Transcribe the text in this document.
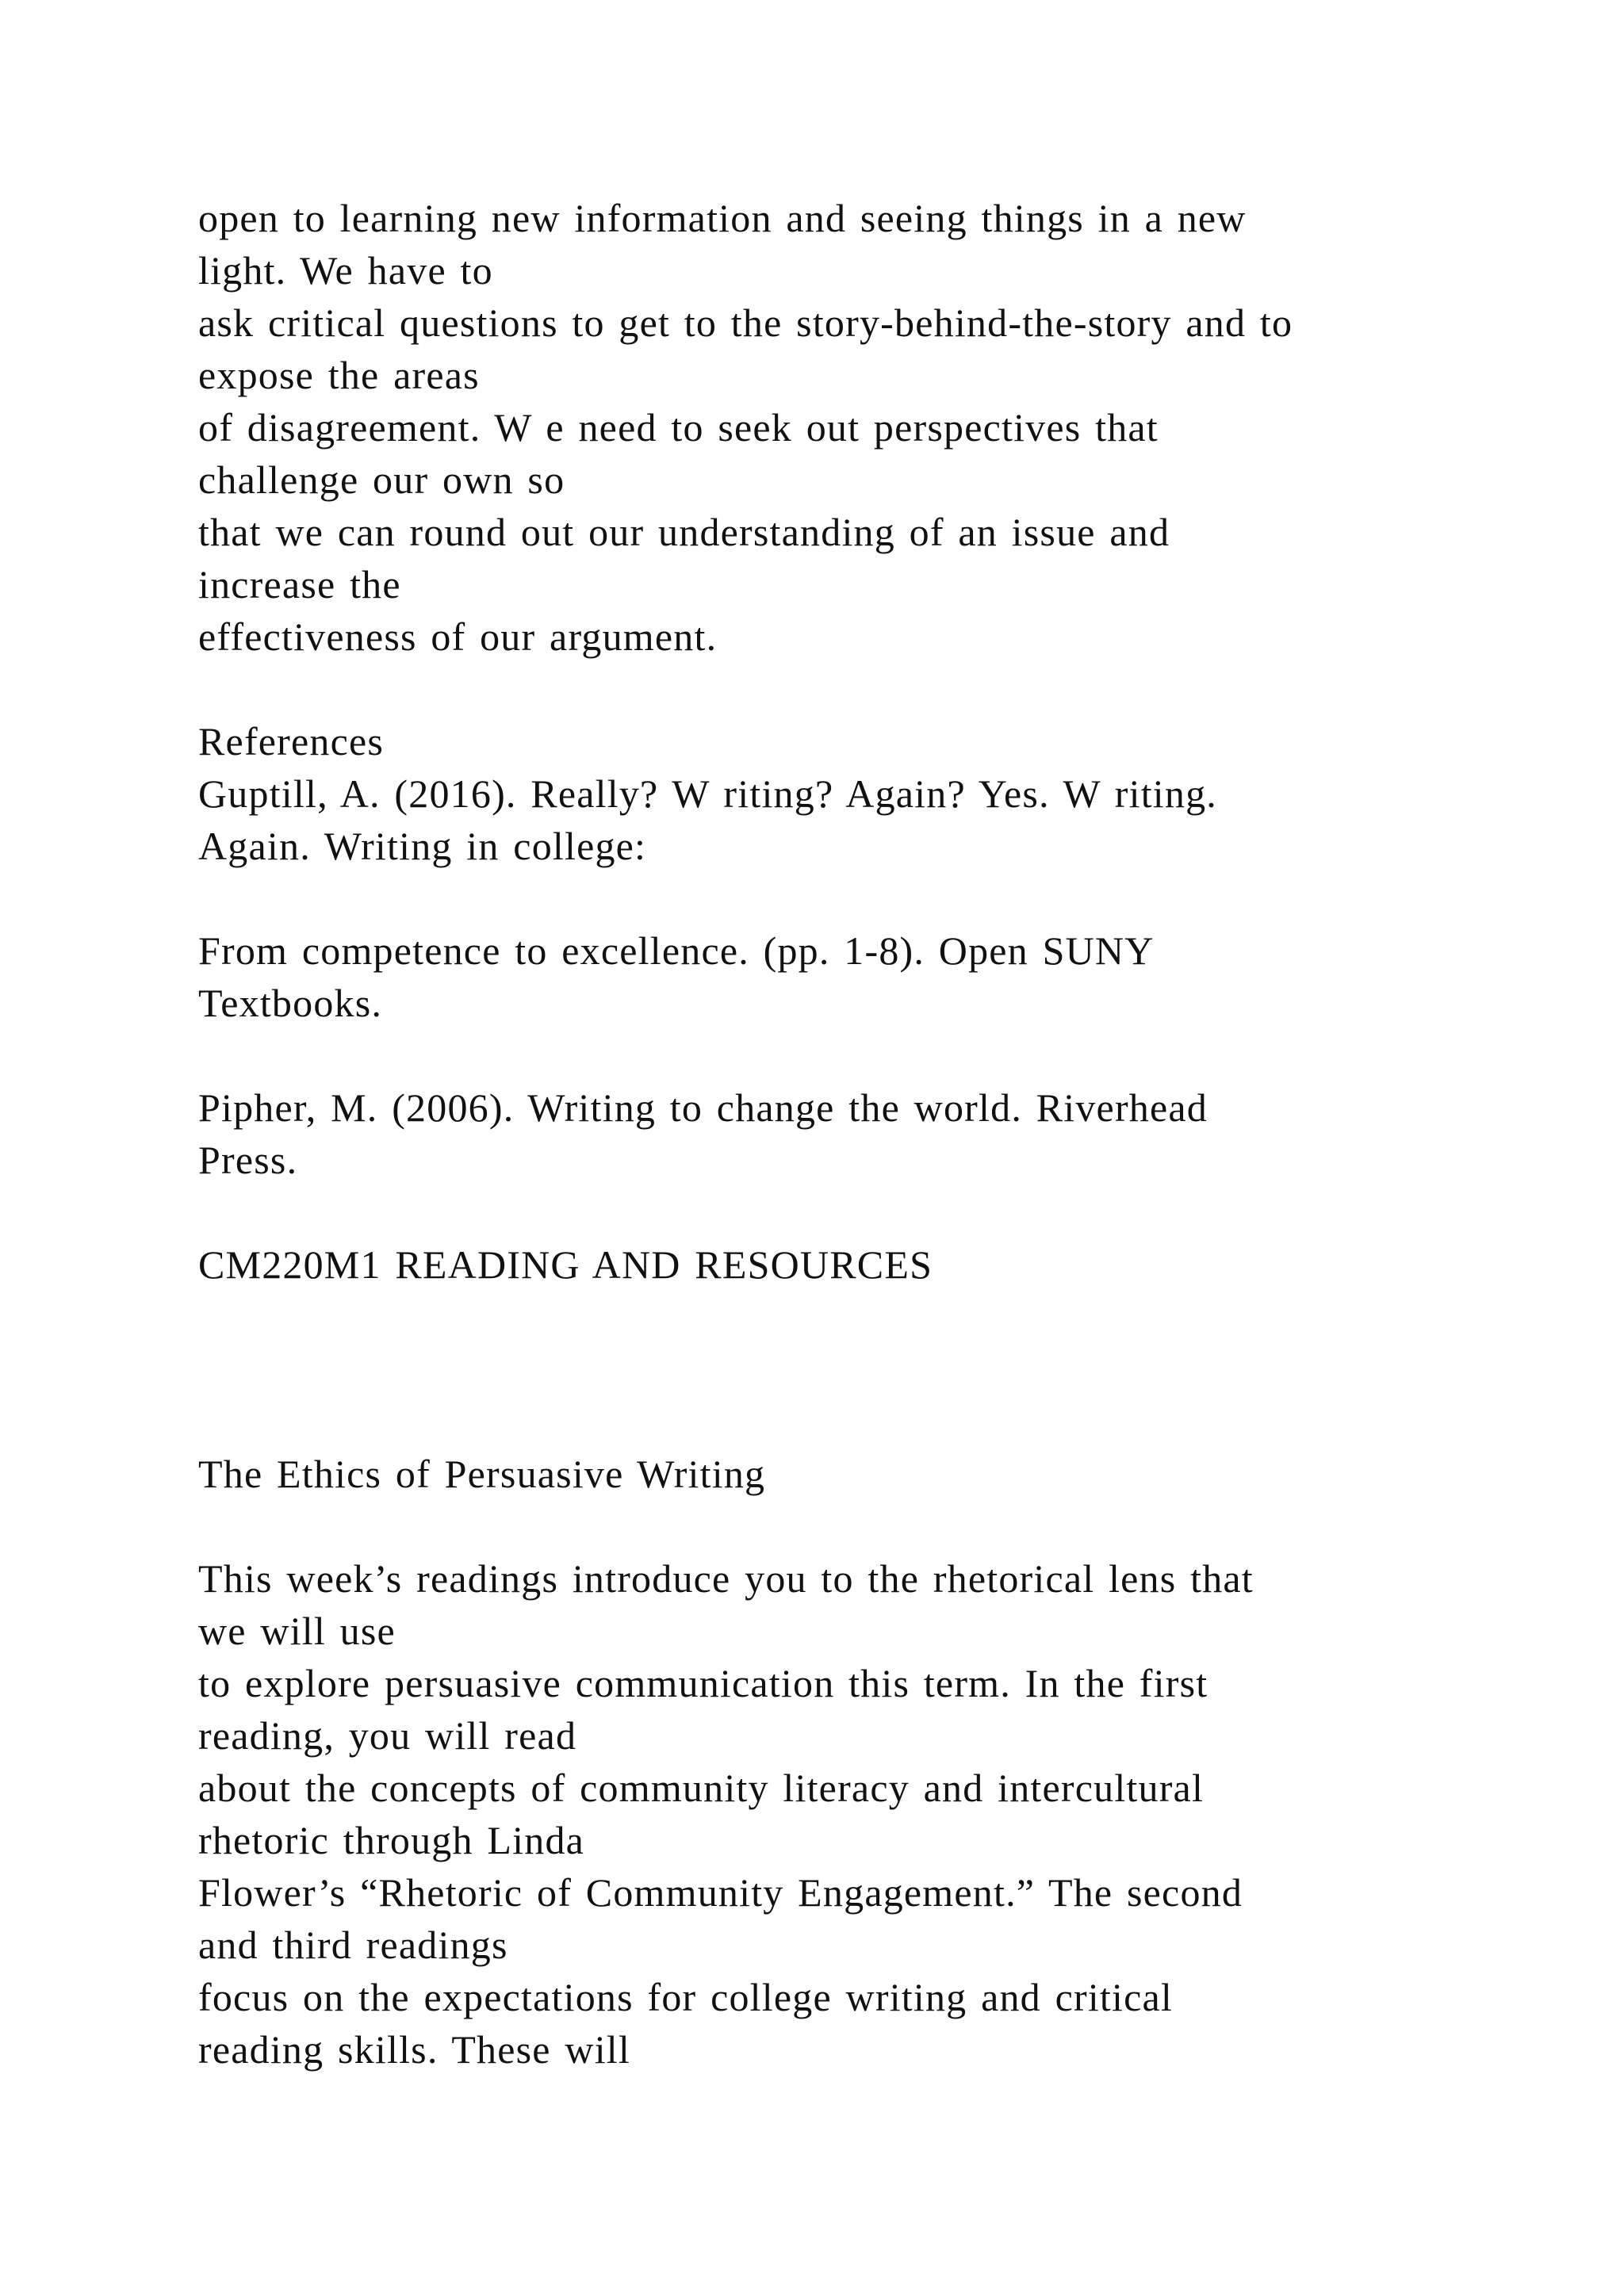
open to learning new information and seeing things in a new
light. We have to
ask critical questions to get to the story-behind-the-story and to
expose the areas
of disagreement. W e need to seek out perspectives that
challenge our own so
that we can round out our understanding of an issue and
increase the
effectiveness of our argument.
References
Guptill, A. (2016). Really? W riting? Again? Yes. W riting.
Again. Writing in college:
From competence to excellence. (pp. 1-8). Open SUNY
Textbooks.
Pipher, M. (2006). Writing to change the world. Riverhead
Press.
CM220M1 READING AND RESOURCES
The Ethics of Persuasive Writing
This week’s readings introduce you to the rhetorical lens that
we will use
to explore persuasive communication this term. In the first
reading, you will read
about the concepts of community literacy and intercultural
rhetoric through Linda
Flower’s “Rhetoric of Community Engagement.” The second
and third readings
focus on the expectations for college writing and critical
reading skills. These will
